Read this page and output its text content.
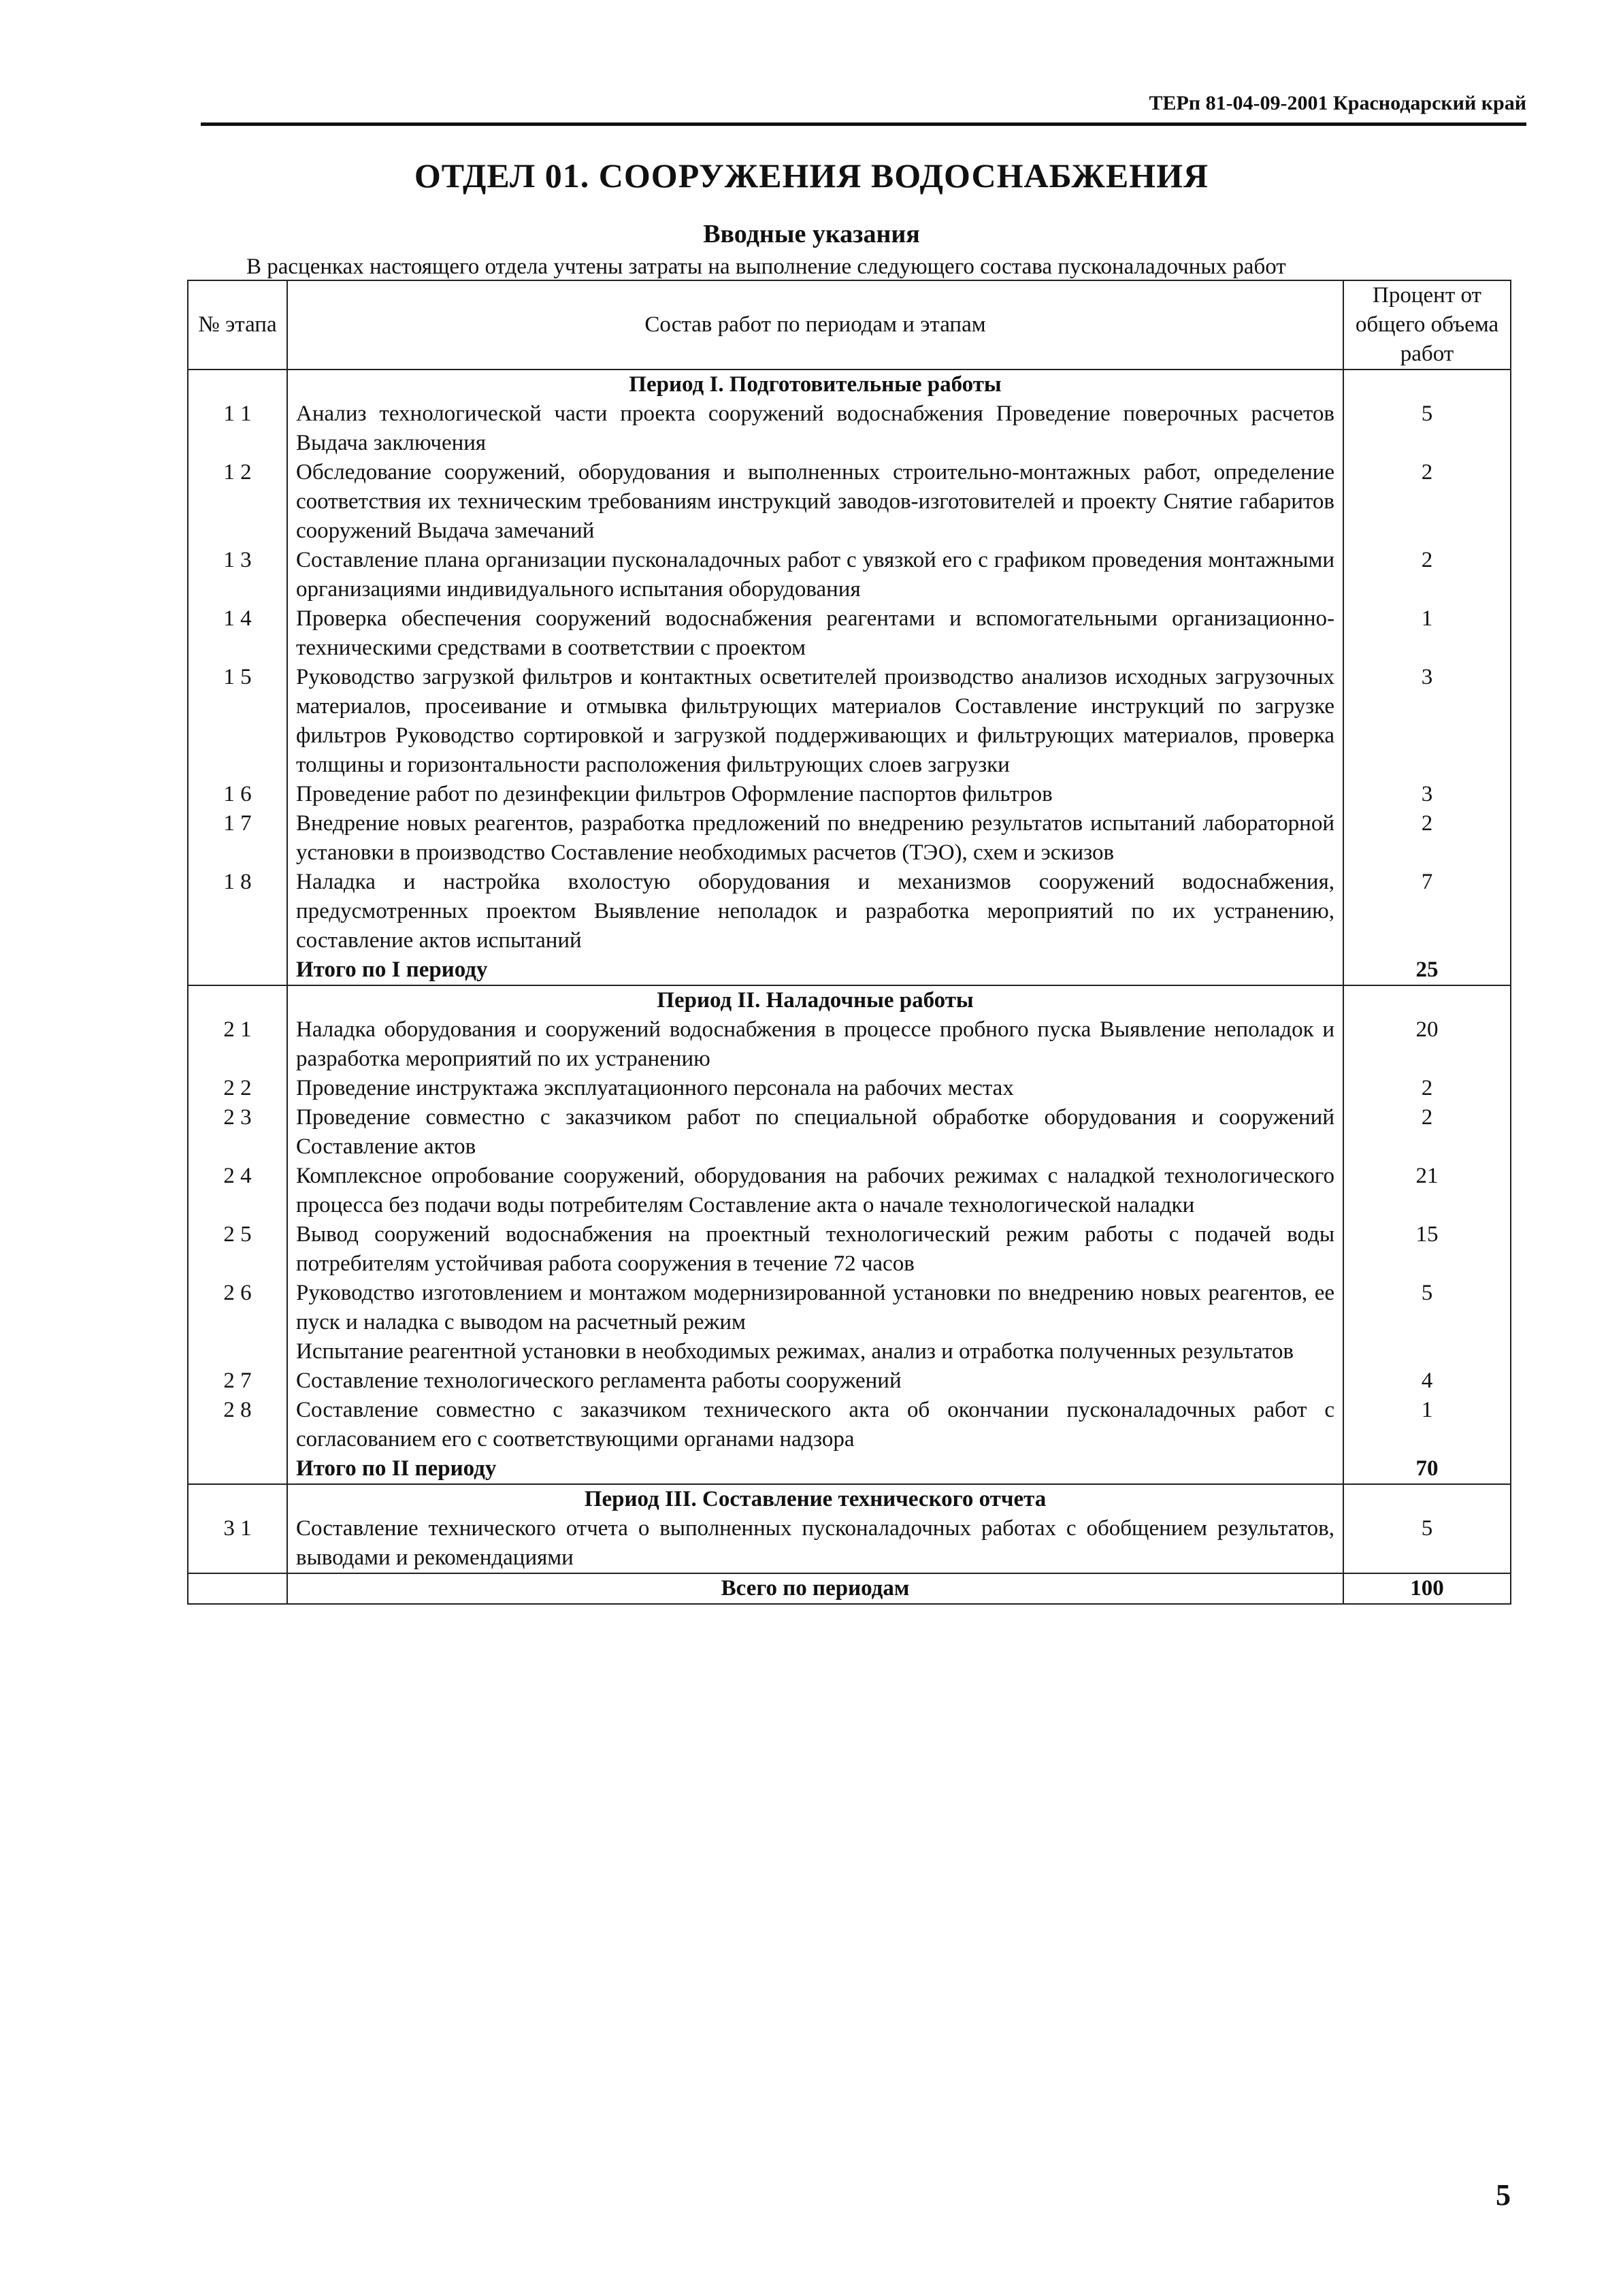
ТЕРп 81-04-09-2001 Краснодарский край
ОТДЕЛ 01. СООРУЖЕНИЯ ВОДОСНАБЖЕНИЯ
Вводные указания
В расценках настоящего отдела учтены затраты на выполнение следующего состава пусконаладочных работ
№ этапа	Состав работ по периодам и этапам	Процент от общего объема работ
	Период I. Подготовительные работы	
1 1	Анализ технологической части проекта сооружений водоснабжения Проведение поверочных расчетов Выдача заключения	5
1 2	Обследование сооружений, оборудования и выполненных строительно-монтажных работ, определение соответствия их техническим требованиям инструкций заводов-изготовителей и проекту Снятие габаритов сооружений Выдача замечаний	2
1 3	Составление плана организации пусконаладочных работ с увязкой его с графиком проведения монтажными организациями индивидуального испытания оборудования	2
1 4	Проверка обеспечения сооружений водоснабжения реагентами и вспомогательными организационно-техническими средствами в соответствии с проектом	1
1 5	Руководство загрузкой фильтров и контактных осветителей производство анализов исходных загрузочных материалов, просеивание и отмывка фильтрующих материалов Составление инструкций по загрузке фильтров Руководство сортировкой и загрузкой поддерживающих и фильтрующих материалов, проверка толщины и горизонтальности расположения фильтрующих слоев загрузки	3
1 6	Проведение работ по дезинфекции фильтров Оформление паспортов фильтров	3
1 7	Внедрение новых реагентов, разработка предложений по внедрению результатов испытаний лабораторной установки в производство Составление необходимых расчетов (ТЭО), схем и эскизов	2
1 8	Наладка и настройка вхолостую оборудования и механизмов сооружений водоснабжения, предусмотренных проектом Выявление неполадок и разработка мероприятий по их устранению, составление актов испытаний	7
	Итого по I периоду	25
	Период II. Наладочные работы	
2 1	Наладка оборудования и сооружений водоснабжения в процессе пробного пуска Выявление неполадок и разработка мероприятий по их устранению	20
2 2	Проведение инструктажа эксплуатационного персонала на рабочих местах	2
2 3	Проведение совместно с заказчиком работ по специальной обработке оборудования и сооружений Составление актов	2
2 4	Комплексное опробование сооружений, оборудования на рабочих режимах с наладкой технологического процесса без подачи воды потребителям Составление акта о начале технологической наладки	21
2 5	Вывод сооружений водоснабжения на проектный технологический режим работы с подачей воды потребителям устойчивая работа сооружения в течение 72 часов	15
2 6	Руководство изготовлением и монтажом модернизированной установки по внедрению новых реагентов, ее пуск и наладка с выводом на расчетный режим	5
	Испытание реагентной установки в необходимых режимах, анализ и отработка полученных результатов	
2 7	Составление технологического регламента работы сооружений	4
2 8	Составление совместно с заказчиком технического акта об окончании пусконаладочных работ с согласованием его с соответствующими органами надзора	1
	Итого по II периоду	70
	Период III. Составление технического отчета	
3 1	Составление технического отчета о выполненных пусконаладочных работах с обобщением результатов, выводами и рекомендациями	5
	Всего по периодам	100
5
